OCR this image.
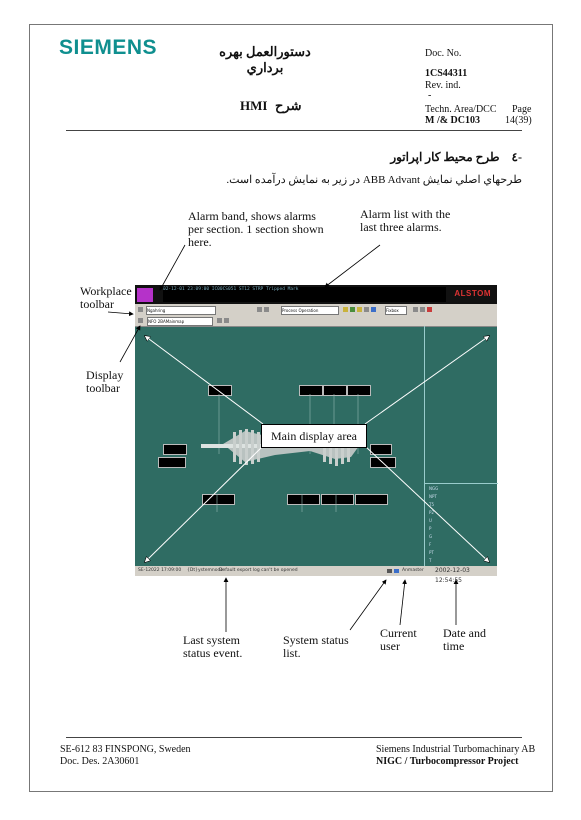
SIEMENS	دستورالعمل بهره برداري
Doc. No.
1CS44311
Rev. ind.
-
HMI شرح	Techn. Area/DCC Page
M /& DC103	14(39)
-٤    طرح محيط كار اپراتور
طرحهاي اصلي نمايش ABB Advant در زير به نمايش درآمده است.
Alarm band, shows alarms per section. 1 section shown here.
Alarm list with the last three alarms.
Workplace toolbar
Display toolbar
02-12-01 23:09:00 IC00CS051 ST12 STRP Tripped Mark	ALSTOM
Ngahring	Process Operation	Fixbox
NFO 2BAMainmap
NGG
NPT
T5
P2
U
P
G
F
PT
T
SE-12022 17:09:00 {Dt}ystemnode
Default export log can't be opened	Anmaster 2002-12-03 12:54:55
Main display area
Last system status event.
System status list.
Current user
Date and time
SE-612 83 FINSPONG, Sweden
Doc. Des. 2A30601
Siemens Industrial Turbomachinary AB
NIGC / Turbocompressor Project
